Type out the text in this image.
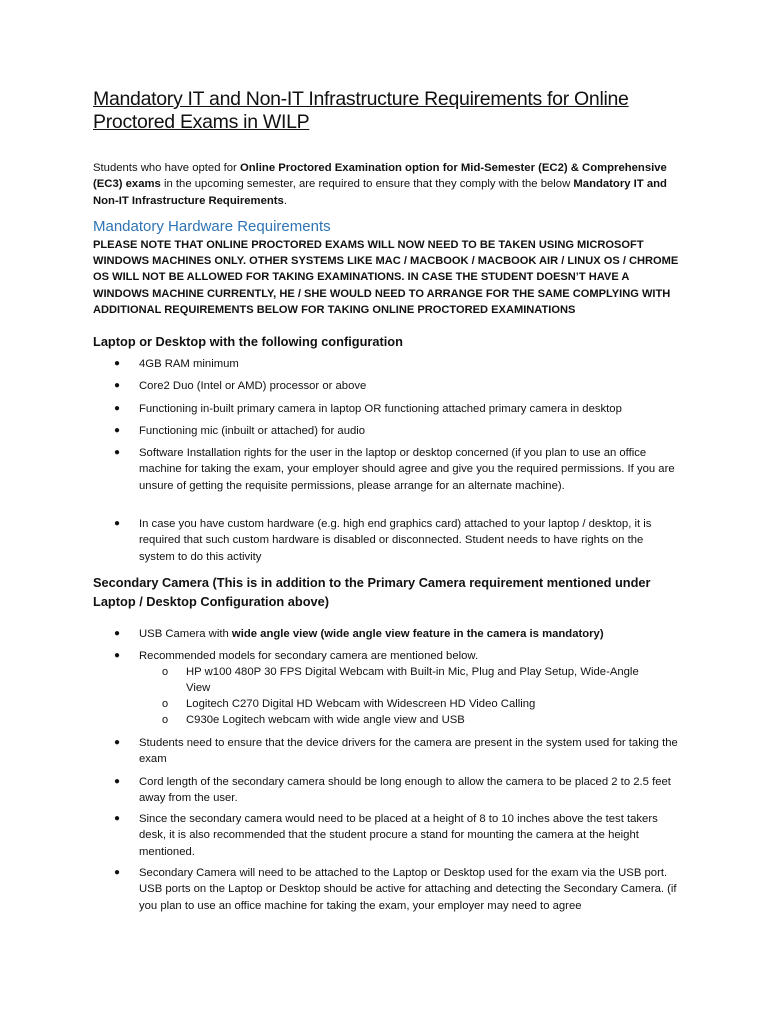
Mandatory IT and Non-IT Infrastructure Requirements for Online Proctored Exams in WILP
Students who have opted for Online Proctored Examination option for Mid-Semester (EC2) & Comprehensive (EC3) exams in the upcoming semester, are required to ensure that they comply with the below Mandatory IT and Non-IT Infrastructure Requirements.
Mandatory Hardware Requirements
PLEASE NOTE THAT ONLINE PROCTORED EXAMS WILL NOW NEED TO BE TAKEN USING MICROSOFT WINDOWS MACHINES ONLY. OTHER SYSTEMS LIKE MAC / MACBOOK / MACBOOK AIR / LINUX OS / CHROME OS WILL NOT BE ALLOWED FOR TAKING EXAMINATIONS. IN CASE THE STUDENT DOESN’T HAVE A WINDOWS MACHINE CURRENTLY, HE / SHE WOULD NEED TO ARRANGE FOR THE SAME COMPLYING WITH ADDITIONAL REQUIREMENTS BELOW FOR TAKING ONLINE PROCTORED EXAMINATIONS
Laptop or Desktop with the following configuration
● 4GB RAM minimum
● Core2 Duo (Intel or AMD) processor or above
● Functioning in-built primary camera in laptop OR functioning attached primary camera in desktop
● Functioning mic (inbuilt or attached) for audio
● Software Installation rights for the user in the laptop or desktop concerned (if you plan to use an office machine for taking the exam, your employer should agree and give you the required permissions. If you are unsure of getting the requisite permissions, please arrange for an alternate machine).
● In case you have custom hardware (e.g. high end graphics card) attached to your laptop / desktop, it is required that such custom hardware is disabled or disconnected. Student needs to have rights on the system to do this activity
Secondary Camera (This is in addition to the Primary Camera requirement mentioned under Laptop / Desktop Configuration above)
● USB Camera with wide angle view (wide angle view feature in the camera is mandatory)
● Recommended models for secondary camera are mentioned below.
o HP w100 480P 30 FPS Digital Webcam with Built-in Mic, Plug and Play Setup, Wide-Angle View
o Logitech C270 Digital HD Webcam with Widescreen HD Video Calling
o C930e Logitech webcam with wide angle view and USB
● Students need to ensure that the device drivers for the camera are present in the system used for taking the exam
● Cord length of the secondary camera should be long enough to allow the camera to be placed 2 to 2.5 feet away from the user.
● Since the secondary camera would need to be placed at a height of 8 to 10 inches above the test takers desk, it is also recommended that the student procure a stand for mounting the camera at the height mentioned.
● Secondary Camera will need to be attached to the Laptop or Desktop used for the exam via the USB port. USB ports on the Laptop or Desktop should be active for attaching and detecting the Secondary Camera. (if you plan to use an office machine for taking the exam, your employer may need to agree
